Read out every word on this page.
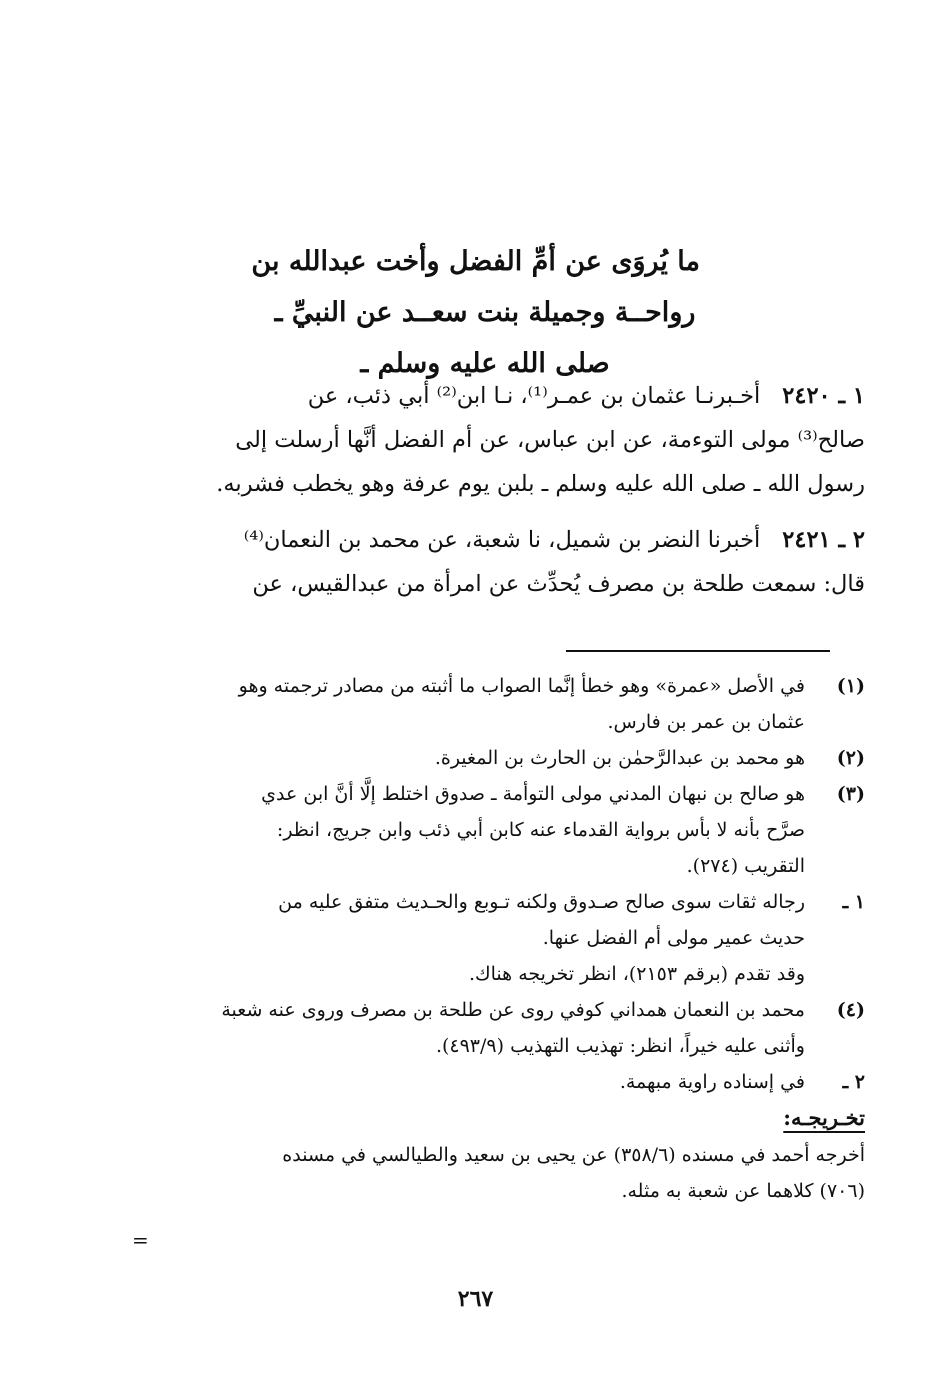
ما يُروَى عن أمِّ الفضل وأخت عبدالله بن
رواحــة وجميلة بنت سعــد عن النبيِّ ـ
صلى الله عليه وسلم ـ
١ ـ ٢٤٢٠أخـبرنـا عثمان بن عمـر⁽¹⁾، نـا ابن⁽²⁾ أبي ذئب، عن
صالح⁽³⁾ مولى التوءمة، عن ابن عباس، عن أم الفضل أنَّها أرسلت إلى
رسول الله ـ صلى الله عليه وسلم ـ بلبن يوم عرفة وهو يخطب فشربه.
٢ ـ ٢٤٢١أخبرنا النضر بن شميل، نا شعبة، عن محمد بن النعمان⁽⁴⁾
قال: سمعت طلحة بن مصرف يُحدِّث عن امرأة من عبدالقيس، عن
(١)
في الأصل «عمرة» وهو خطأ إنَّما الصواب ما أثبته من مصادر ترجمته وهو
عثمان بن عمر بن فارس.
(٢)
هو محمد بن عبدالرَّحمٰن بن الحارث بن المغيرة.
(٣)
هو صالح بن نبهان المدني مولى التوأمة ـ صدوق اختلط إلَّا أنَّ ابن عدي
صرَّح بأنه لا بأس برواية القدماء عنه كابن أبي ذئب وابن جريج، انظر:
التقريب (٢٧٤).
١ ـ
رجاله ثقات سوى صالح صـدوق ولكنه تـوبع والحـديث متفق عليه من
حديث عمير مولى أم الفضل عنها.
وقد تقدم (برقم ٢١٥٣)، انظر تخريجه هناك.
(٤)
محمد بن النعمان همداني كوفي روى عن طلحة بن مصرف وروى عنه شعبة
وأثنى عليه خيراً، انظر: تهذيب التهذيب (٤٩٣/٩).
٢ ـ
في إسناده راوية مبهمة.
تخـريجـه:
أخرجه أحمد في مسنده (٣٥٨/٦) عن يحيى بن سعيد والطيالسي في مسنده
(٧٠٦) كلاهما عن شعبة به مثله.
=
٢٦٧
